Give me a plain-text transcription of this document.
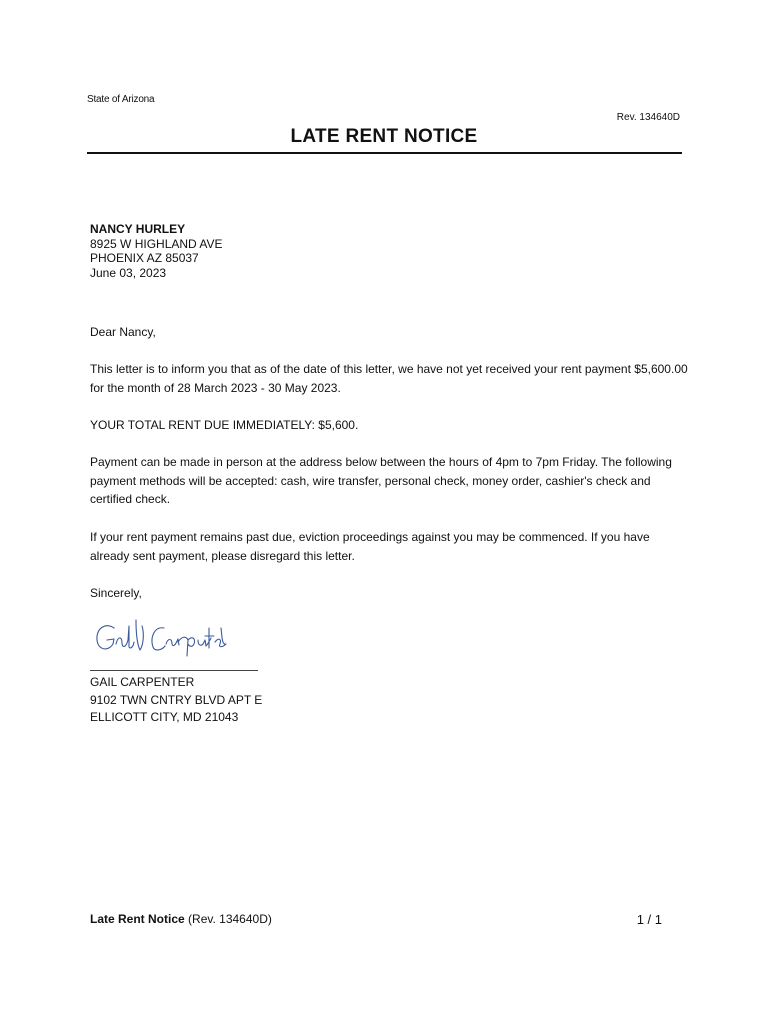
State of Arizona
Rev. 134640D
LATE RENT NOTICE
NANCY HURLEY
8925 W HIGHLAND AVE
PHOENIX AZ 85037
June 03, 2023
Dear Nancy,
This letter is to inform you that as of the date of this letter, we have not yet received your rent payment $5,600.00 for the month of 28 March 2023 - 30 May 2023.
YOUR TOTAL RENT DUE IMMEDIATELY: $5,600.
Payment can be made in person at the address below between the hours of 4pm to 7pm Friday. The following payment methods will be accepted: cash, wire transfer, personal check, money order, cashier's check and certified check.
If your rent payment remains past due, eviction proceedings against you may be commenced. If you have already sent payment, please disregard this letter.
Sincerely,
GAIL CARPENTER
9102 TWN CNTRY BLVD APT E
ELLICOTT CITY, MD 21043
Late Rent Notice (Rev. 134640D)	1 / 1
